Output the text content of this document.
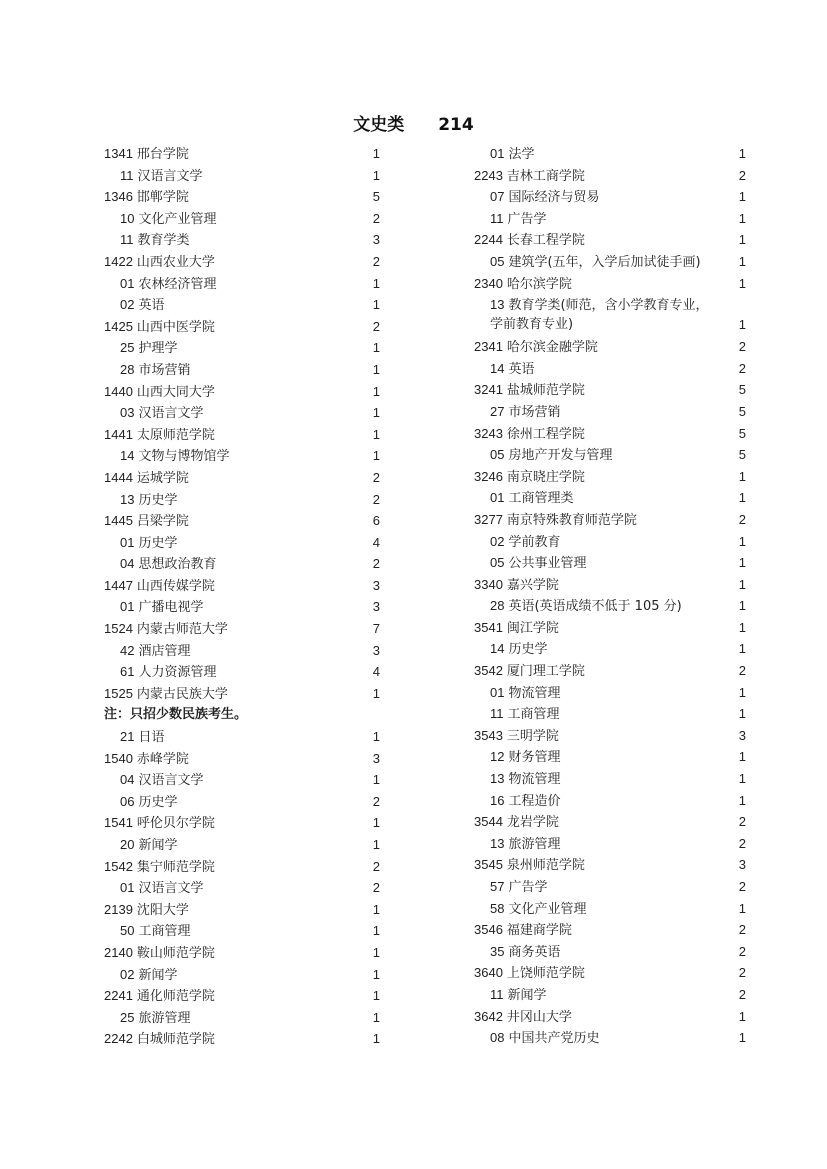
文史类 214
1341 邢台学院	1
11 汉语言文学	1
1346 邯郸学院	5
10 文化产业管理	2
11 教育学类	3
1422 山西农业大学	2
01 农林经济管理	1
02 英语	1
1425 山西中医学院	2
25 护理学	1
28 市场营销	1
1440 山西大同大学	1
03 汉语言文学	1
1441 太原师范学院	1
14 文物与博物馆学	1
1444 运城学院	2
13 历史学	2
1445 吕梁学院	6
01 历史学	4
04 思想政治教育	2
1447 山西传媒学院	3
01 广播电视学	3
1524 内蒙古师范大学	7
42 酒店管理	3
61 人力资源管理	4
1525 内蒙古民族大学	1
注：只招少数民族考生。
21 日语	1
1540 赤峰学院	3
04 汉语言文学	1
06 历史学	2
1541 呼伦贝尔学院	1
20 新闻学	1
1542 集宁师范学院	2
01 汉语言文学	2
2139 沈阳大学	1
50 工商管理	1
2140 鞍山师范学院	1
02 新闻学	1
2241 通化师范学院	1
25 旅游管理	1
2242 白城师范学院	1
01 法学	1
2243 吉林工商学院	2
07 国际经济与贸易	1
11 广告学	1
2244 长春工程学院	1
05 建筑学(五年，入学后加试徒手画)	1
2340 哈尔滨学院	1
13 教育学类(师范，含小学教育专业，
学前教育专业)	1
2341 哈尔滨金融学院	2
14 英语	2
3241 盐城师范学院	5
27 市场营销	5
3243 徐州工程学院	5
05 房地产开发与管理	5
3246 南京晓庄学院	1
01 工商管理类	1
3277 南京特殊教育师范学院	2
02 学前教育	1
05 公共事业管理	1
3340 嘉兴学院	1
28 英语(英语成绩不低于 105 分)	1
3541 闽江学院	1
14 历史学	1
3542 厦门理工学院	2
01 物流管理	1
11 工商管理	1
3543 三明学院	3
12 财务管理	1
13 物流管理	1
16 工程造价	1
3544 龙岩学院	2
13 旅游管理	2
3545 泉州师范学院	3
57 广告学	2
58 文化产业管理	1
3546 福建商学院	2
35 商务英语	2
3640 上饶师范学院	2
11 新闻学	2
3642 井冈山大学	1
08 中国共产党历史	1
